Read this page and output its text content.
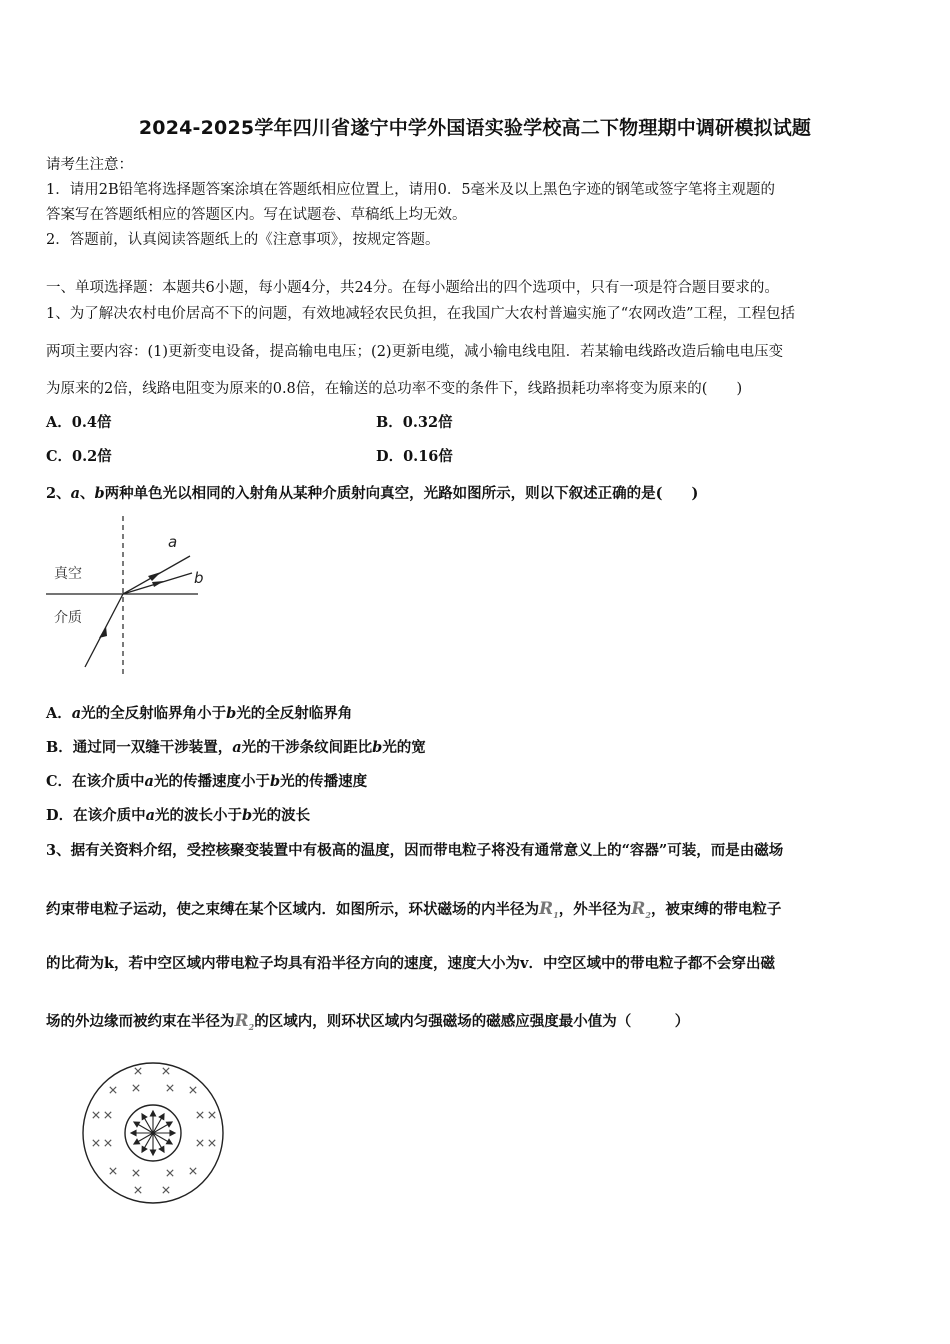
2024-2025学年四川省遂宁中学外国语实验学校高二下物理期中调研模拟试题
请考生注意：
1．请用2B铅笔将选择题答案涂填在答题纸相应位置上，请用0．5毫米及以上黑色字迹的钢笔或签字笔将主观题的
答案写在答题纸相应的答题区内。写在试题卷、草稿纸上均无效。
2．答题前，认真阅读答题纸上的《注意事项》，按规定答题。
一、单项选择题：本题共6小题，每小题4分，共24分。在每小题给出的四个选项中，只有一项是符合题目要求的。
1、为了解决农村电价居高不下的问题，有效地减轻农民负担，在我国广大农村普遍实施了“农网改造”工程，工程包括
两项主要内容：(1)更新变电设备，提高输电电压；(2)更新电缆，减小输电线电阻．若某输电线路改造后输电电压变
为原来的2倍，线路电阻变为原来的0.8倍，在输送的总功率不变的条件下，线路损耗功率将变为原来的(　　)
A．0.4倍	B．0.32倍
C．0.2倍	D．0.16倍
2、a、b两种单色光以相同的入射角从某种介质射向真空，光路如图所示，则以下叙述正确的是(　　)
真空
介质
a
b
A．a光的全反射临界角小于b光的全反射临界角
B．通过同一双缝干涉装置，a光的干涉条纹间距比b光的宽
C．在该介质中a光的传播速度小于b光的传播速度
D．在该介质中a光的波长小于b光的波长
3、据有关资料介绍，受控核聚变装置中有极高的温度，因而带电粒子将没有通常意义上的“容器”可装，而是由磁场
约束带电粒子运动，使之束缚在某个区域内．如图所示，环状磁场的内半径为$R_1$，外半径为$R_2$，被束缚的带电粒子
的比荷为k，若中空区域内带电粒子均具有沿半径方向的速度，速度大小为v．中空区域中的带电粒子都不会穿出磁
场的外边缘而被约束在半径为$R_2$的区域内，则环状区域内匀强磁场的磁感应强度最小值为（　　　）
